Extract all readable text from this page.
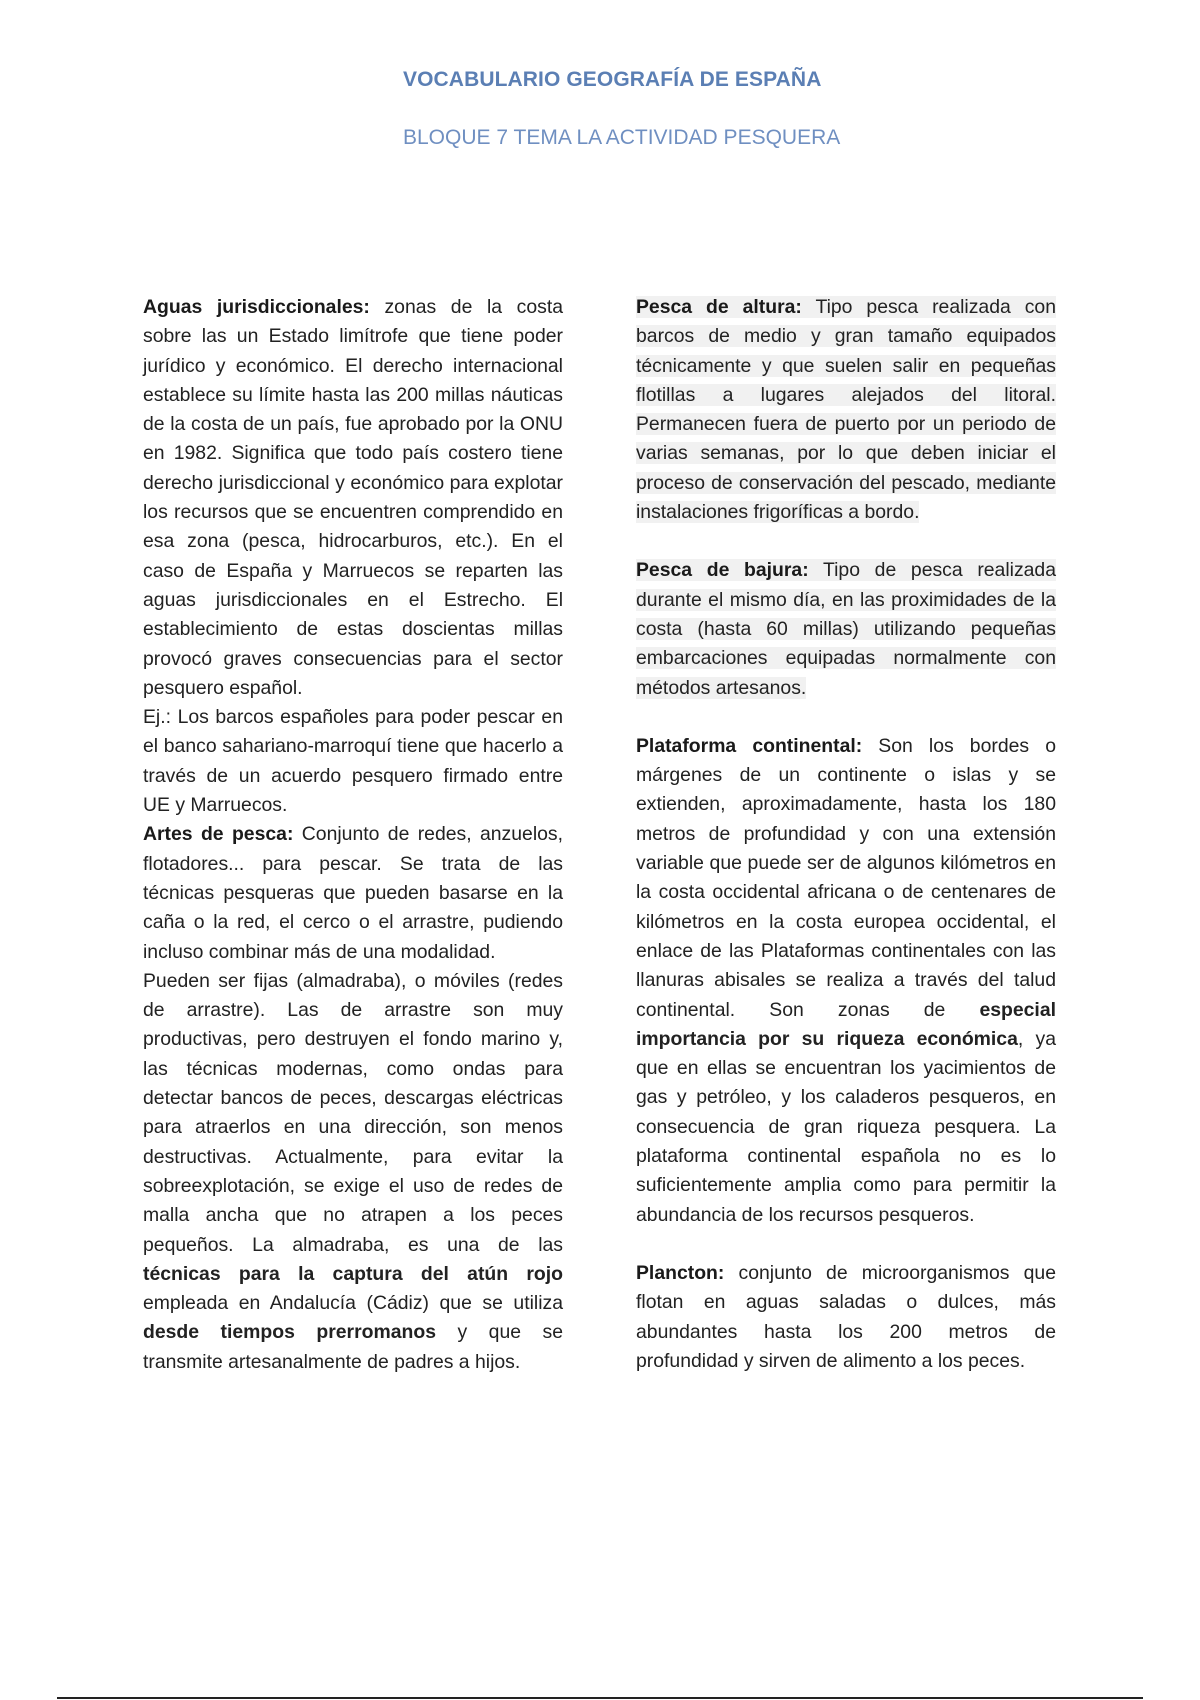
VOCABULARIO GEOGRAFÍA DE ESPAÑA
BLOQUE 7 TEMA LA ACTIVIDAD PESQUERA

Aguas jurisdiccionales: zonas de la costa sobre las un Estado limítrofe que tiene poder jurídico y económico. El derecho internacional establece su límite hasta las 200 millas náuticas de la costa de un país, fue aprobado por la ONU en 1982. Significa que todo país costero tiene derecho jurisdiccional y económico para explotar los recursos que se encuentren comprendido en esa zona (pesca, hidrocarburos, etc.). En el caso de España y Marruecos se reparten las aguas jurisdiccionales en el Estrecho. El establecimiento de estas doscientas millas provocó graves consecuencias para el sector pesquero español.

Ej.: Los barcos españoles para poder pescar en el banco sahariano-marroquí tiene que hacerlo a través de un acuerdo pesquero firmado entre UE y Marruecos.

Artes de pesca: Conjunto de redes, anzuelos, flotadores... para pescar. Se trata de las técnicas pesqueras que pueden basarse en la caña o la red, el cerco o el arrastre, pudiendo incluso combinar más de una modalidad.

Pueden ser fijas (almadraba), o móviles (redes de arrastre). Las de arrastre son muy productivas, pero destruyen el fondo marino y, las técnicas modernas, como ondas para detectar bancos de peces, descargas eléctricas para atraerlos en una dirección, son menos destructivas. Actualmente, para evitar la sobreexplotación, se exige el uso de redes de malla ancha que no atrapen a los peces pequeños. La almadraba, es una de las técnicas para la captura del atún rojo empleada en Andalucía (Cádiz) que se utiliza desde tiempos prerromanos y que se transmite artesanalmente de padres a hijos.

Pesca de altura: Tipo pesca realizada con barcos de medio y gran tamaño equipados técnicamente y que suelen salir en pequeñas flotillas a lugares alejados del litoral. Permanecen fuera de puerto por un periodo de varias semanas, por lo que deben iniciar el proceso de conservación del pescado, mediante instalaciones frigoríficas a bordo.

Pesca de bajura: Tipo de pesca realizada durante el mismo día, en las proximidades de la costa (hasta 60 millas) utilizando pequeñas embarcaciones equipadas normalmente con métodos artesanos.

Plataforma continental: Son los bordes o márgenes de un continente o islas y se extienden, aproximadamente, hasta los 180 metros de profundidad y con una extensión variable que puede ser de algunos kilómetros en la costa occidental africana o de centenares de kilómetros en la costa europea occidental, el enlace de las Plataformas continentales con las llanuras abisales se realiza a través del talud continental. Son zonas de especial importancia por su riqueza económica, ya que en ellas se encuentran los yacimientos de gas y petróleo, y los caladeros pesqueros, en consecuencia de gran riqueza pesquera. La plataforma continental española no es lo suficientemente amplia como para permitir la abundancia de los recursos pesqueros.

Plancton: conjunto de microorganismos que flotan en aguas saladas o dulces, más abundantes hasta los 200 metros de profundidad y sirven de alimento a los peces.
